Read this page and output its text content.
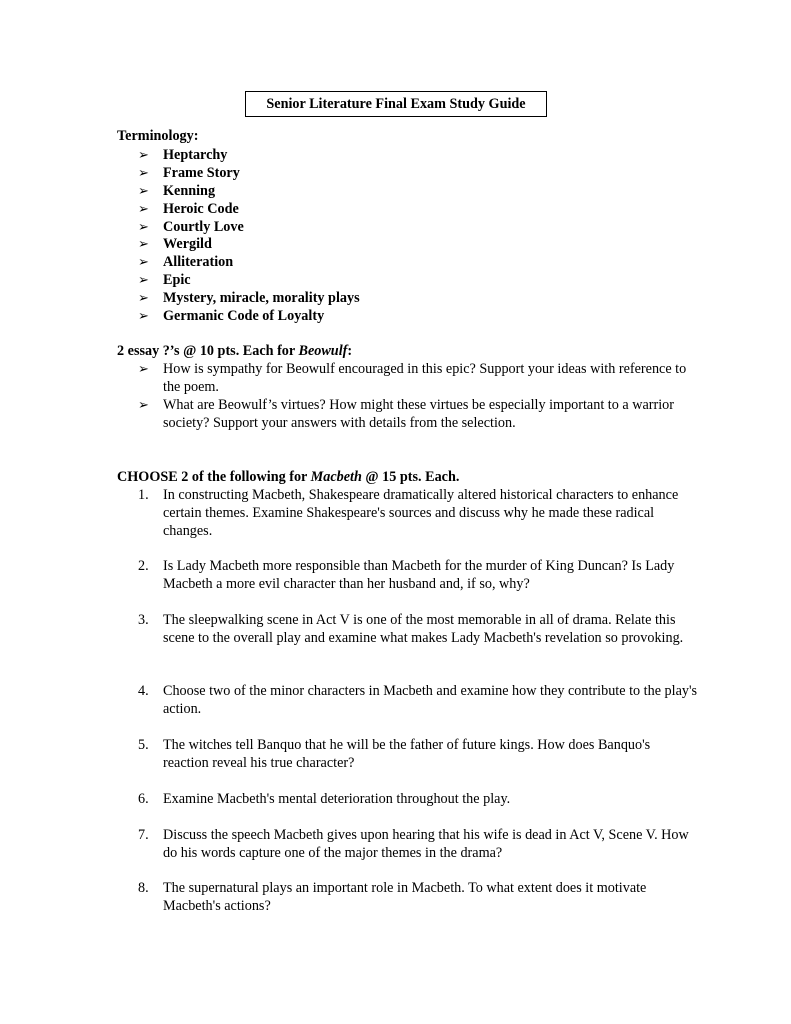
Senior Literature Final Exam Study Guide
Terminology:
➢ Heptarchy
➢ Frame Story
➢ Kenning
➢ Heroic Code
➢ Courtly Love
➢ Wergild
➢ Alliteration
➢ Epic
➢ Mystery, miracle, morality plays
➢ Germanic Code of Loyalty
2 essay ?’s @ 10 pts. Each for Beowulf:
➢ How is sympathy for Beowulf encouraged in this epic? Support your ideas with reference to the poem.
➢ What are Beowulf’s virtues? How might these virtues be especially important to a warrior society? Support your answers with details from the selection.
CHOOSE 2 of the following for Macbeth @ 15 pts. Each.
1.	In constructing Macbeth, Shakespeare dramatically altered historical characters to enhance certain themes. Examine Shakespeare's sources and discuss why he made these radical changes.
2.	Is Lady Macbeth more responsible than Macbeth for the murder of King Duncan? Is Lady Macbeth a more evil character than her husband and, if so, why?
3.	The sleepwalking scene in Act V is one of the most memorable in all of drama. Relate this scene to the overall play and examine what makes Lady Macbeth's revelation so provoking.
4.	Choose two of the minor characters in Macbeth and examine how they contribute to the play's action.
5.	The witches tell Banquo that he will be the father of future kings. How does Banquo's reaction reveal his true character?
6.	Examine Macbeth's mental deterioration throughout the play.
7.	Discuss the speech Macbeth gives upon hearing that his wife is dead in Act V, Scene V. How do his words capture one of the major themes in the drama?
8.	The supernatural plays an important role in Macbeth. To what extent does it motivate Macbeth's actions?
